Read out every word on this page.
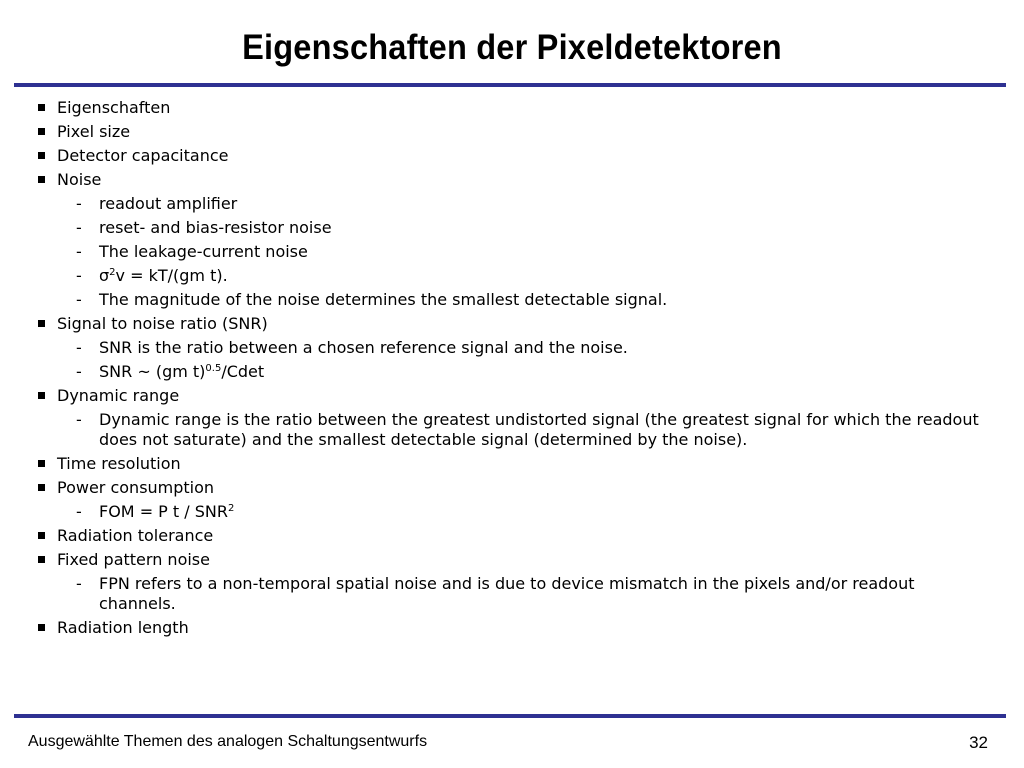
Eigenschaften der Pixeldetektoren
Eigenschaften
Pixel size
Detector capacitance
Noise
- readout amplifier
- reset- and bias-resistor noise
- The leakage-current noise
- $\sigma^2v = kT/(gm$ t).
- The magnitude of the noise determines the smallest detectable signal.
Signal to noise ratio (SNR)
- SNR is the ratio between a chosen reference signal and the noise.
- SNR ~ (gm t)$^{0.5}$/Cdet
Dynamic range
- Dynamic range is the ratio between the greatest undistorted signal (the greatest signal for which the readout does not saturate) and the smallest detectable signal (determined by the noise).
Time resolution
Power consumption
- FOM = P t / SNR$^2$
Radiation tolerance
Fixed pattern noise
- FPN refers to a non-temporal spatial noise and is due to device mismatch in the pixels and/or readout channels.
Radiation length
Ausgewählte Themen des analogen Schaltungsentwurfs	32
